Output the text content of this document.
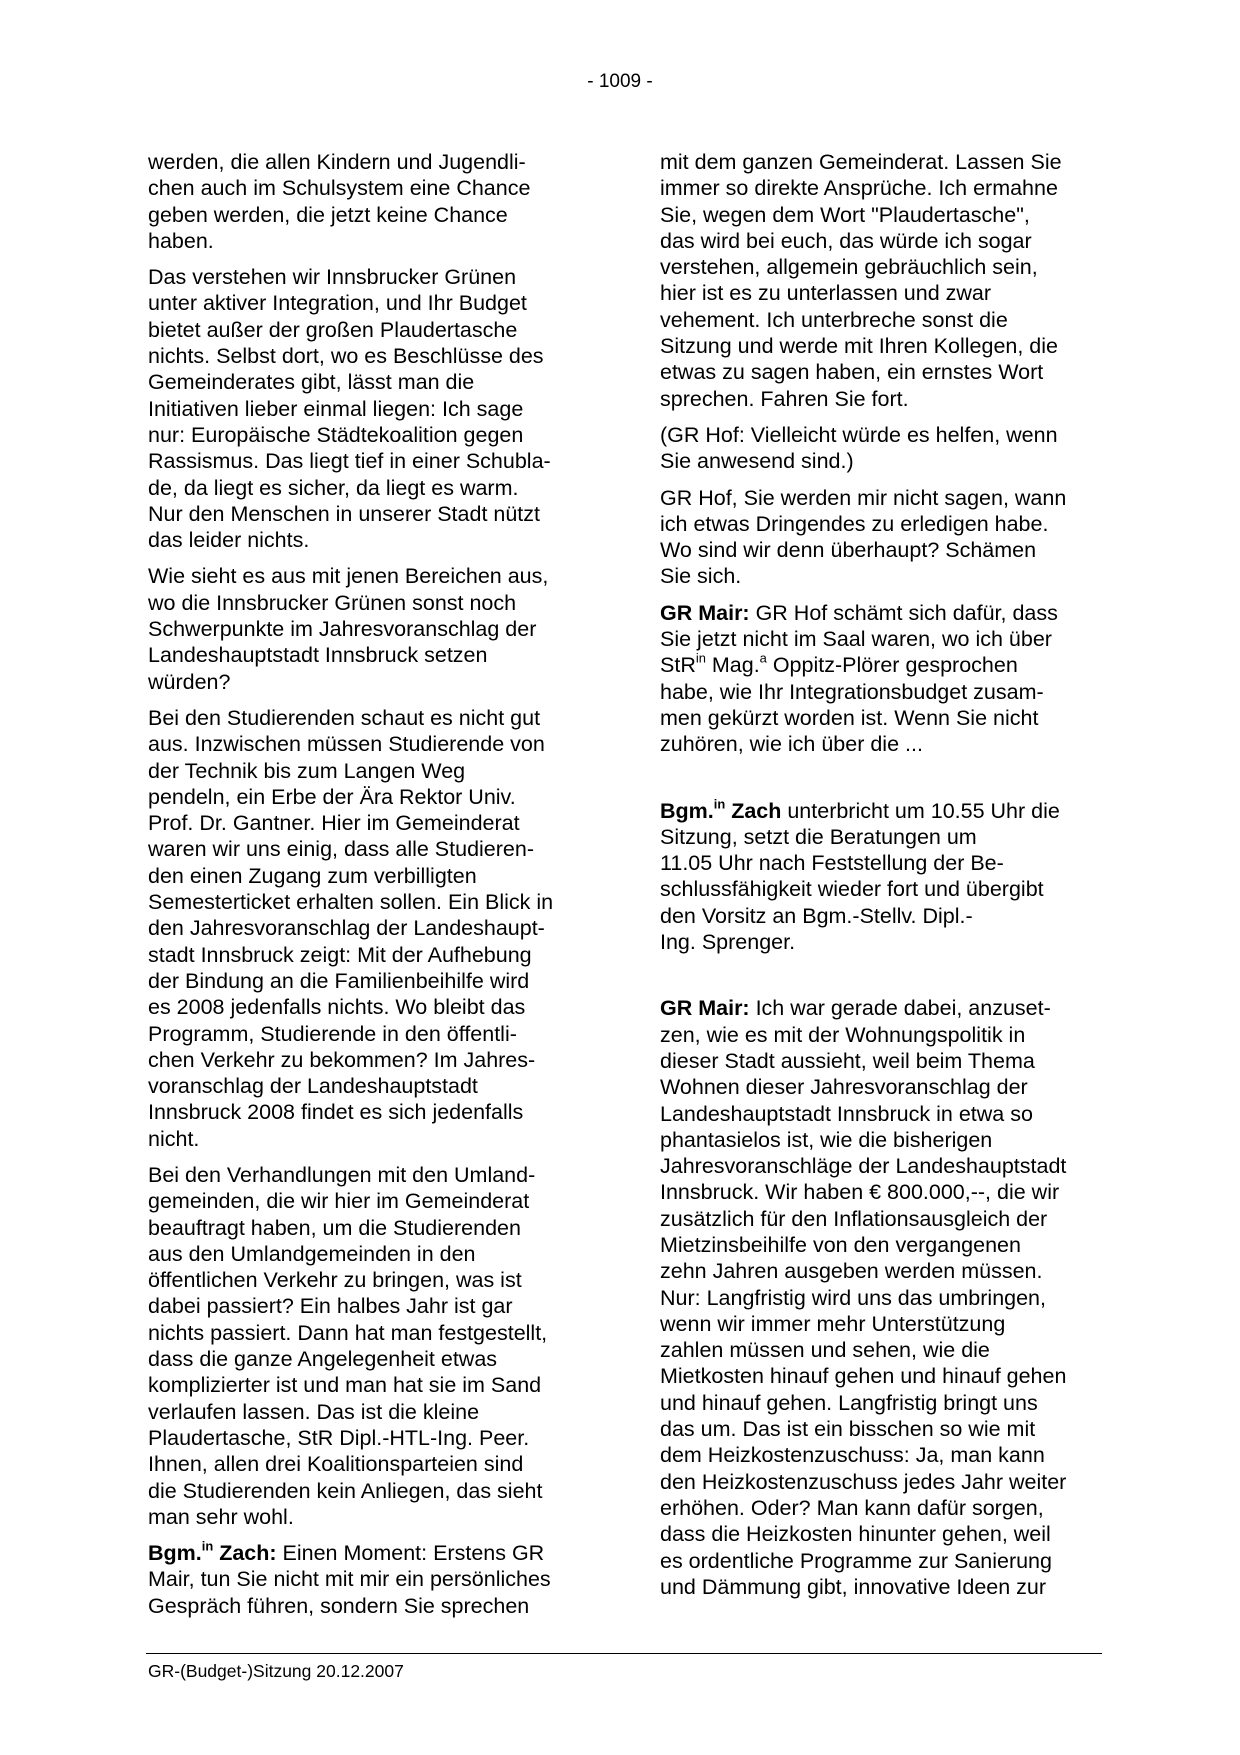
- 1009 -

werden, die allen Kindern und Jugendli-
chen auch im Schulsystem eine Chance
geben werden, die jetzt keine Chance
haben.

Das verstehen wir Innsbrucker Grünen
unter aktiver Integration, und Ihr Budget
bietet außer der großen Plaudertasche
nichts. Selbst dort, wo es Beschlüsse des
Gemeinderates gibt, lässt man die
Initiativen lieber einmal liegen: Ich sage
nur: Europäische Städtekoalition gegen
Rassismus. Das liegt tief in einer Schubla-
de, da liegt es sicher, da liegt es warm.
Nur den Menschen in unserer Stadt nützt
das leider nichts.

Wie sieht es aus mit jenen Bereichen aus,
wo die Innsbrucker Grünen sonst noch
Schwerpunkte im Jahresvoranschlag der
Landeshauptstadt Innsbruck setzen
würden?

Bei den Studierenden schaut es nicht gut
aus. Inzwischen müssen Studierende von
der Technik bis zum Langen Weg
pendeln, ein Erbe der Ära Rektor Univ.
Prof. Dr. Gantner. Hier im Gemeinderat
waren wir uns einig, dass alle Studieren-
den einen Zugang zum verbilligten
Semesterticket erhalten sollen. Ein Blick in
den Jahresvoranschlag der Landeshaupt-
stadt Innsbruck zeigt: Mit der Aufhebung
der Bindung an die Familienbeihilfe wird
es 2008 jedenfalls nichts. Wo bleibt das
Programm, Studierende in den öffentli-
chen Verkehr zu bekommen? Im Jahres-
voranschlag der Landeshauptstadt
Innsbruck 2008 findet es sich jedenfalls
nicht.

Bei den Verhandlungen mit den Umland-
gemeinden, die wir hier im Gemeinderat
beauftragt haben, um die Studierenden
aus den Umlandgemeinden in den
öffentlichen Verkehr zu bringen, was ist
dabei passiert? Ein halbes Jahr ist gar
nichts passiert. Dann hat man festgestellt,
dass die ganze Angelegenheit etwas
komplizierter ist und man hat sie im Sand
verlaufen lassen. Das ist die kleine
Plaudertasche, StR Dipl.-HTL-Ing. Peer.
Ihnen, allen drei Koalitionsparteien sind
die Studierenden kein Anliegen, das sieht
man sehr wohl.

Bgm.$^{in}$ Zach: Einen Moment: Erstens GR
Mair, tun Sie nicht mit mir ein persönliches
Gespräch führen, sondern Sie sprechen

mit dem ganzen Gemeinderat. Lassen Sie
immer so direkte Ansprüche. Ich ermahne
Sie, wegen dem Wort "Plaudertasche",
das wird bei euch, das würde ich sogar
verstehen, allgemein gebräuchlich sein,
hier ist es zu unterlassen und zwar
vehement. Ich unterbreche sonst die
Sitzung und werde mit Ihren Kollegen, die
etwas zu sagen haben, ein ernstes Wort
sprechen. Fahren Sie fort.

(GR Hof: Vielleicht würde es helfen, wenn
Sie anwesend sind.)

GR Hof, Sie werden mir nicht sagen, wann
ich etwas Dringendes zu erledigen habe.
Wo sind wir denn überhaupt? Schämen
Sie sich.

GR Mair: GR Hof schämt sich dafür, dass
Sie jetzt nicht im Saal waren, wo ich über
StR$^{in}$ Mag.$^a$ Oppitz-Plörer gesprochen
habe, wie Ihr Integrationsbudget zusam-
men gekürzt worden ist. Wenn Sie nicht
zuhören, wie ich über die ...

Bgm.$^{in}$ Zach unterbricht um 10.55 Uhr die
Sitzung, setzt die Beratungen um
11.05 Uhr nach Feststellung der Be-
schlussfähigkeit wieder fort und übergibt
den Vorsitz an Bgm.-Stellv. Dipl.-
Ing. Sprenger.

GR Mair: Ich war gerade dabei, anzuset-
zen, wie es mit der Wohnungspolitik in
dieser Stadt aussieht, weil beim Thema
Wohnen dieser Jahresvoranschlag der
Landeshauptstadt Innsbruck in etwa so
phantasielos ist, wie die bisherigen
Jahresvoranschläge der Landeshauptstadt
Innsbruck. Wir haben € 800.000,--, die wir
zusätzlich für den Inflationsausgleich der
Mietzinsbeihilfe von den vergangenen
zehn Jahren ausgeben werden müssen.
Nur: Langfristig wird uns das umbringen,
wenn wir immer mehr Unterstützung
zahlen müssen und sehen, wie die
Mietkosten hinauf gehen und hinauf gehen
und hinauf gehen. Langfristig bringt uns
das um. Das ist ein bisschen so wie mit
dem Heizkostenzuschuss: Ja, man kann
den Heizkostenzuschuss jedes Jahr weiter
erhöhen. Oder? Man kann dafür sorgen,
dass die Heizkosten hinunter gehen, weil
es ordentliche Programme zur Sanierung
und Dämmung gibt, innovative Ideen zur

GR-(Budget-)Sitzung 20.12.2007
